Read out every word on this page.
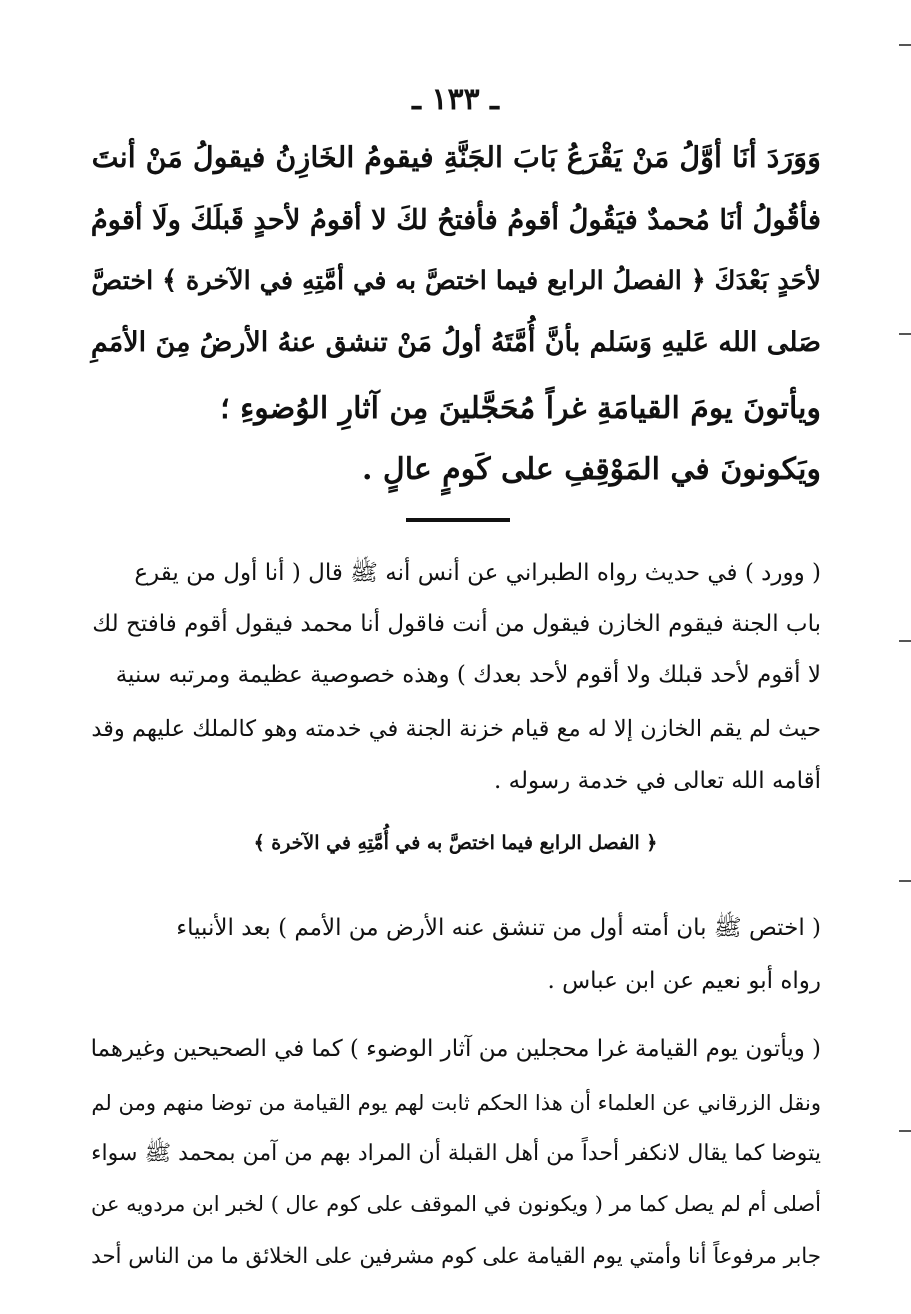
ـ ١٣٣ ـ
وَوَرَدَ أنَا أوَّلُ مَنْ يَقْرَعُ بَابَ الجَنَّةِ فيقومُ الخَازِنُ فيقولُ مَنْ أنتَ
فأقُولُ أنَا مُحمدٌ فيَقُولُ أقومُ فأفتحُ لكَ لا أقومُ لأحدٍ قَبلَكَ ولَا أقومُ
لأحَدٍ بَعْدَكَ ﴿ الفصلُ الرابع فيما اختصَّ به في أمَّتِهِ في الآخرة ﴾ اختصَّ
صَلى الله عَليهِ وَسَلم بأنَّ أُمَّتَهُ أولُ مَنْ تنشق عنهُ الأرضُ مِنَ الأمَمِ
ويأتونَ يومَ القيامَةِ غراً مُحَجَّلينَ مِن آثارِ الوُضوءِ ؛
ويَكونونَ في المَوْقِفِ على كَومٍ عالٍ .
( وورد ) في حديث رواه الطبراني عن أنس أنه ﷺ قال ( أنا أول من يقرع
باب الجنة فيقوم الخازن فيقول من أنت فاقول أنا محمد فيقول أقوم فافتح لك
لا أقوم لأحد قبلك ولا أقوم لأحد بعدك ) وهذه خصوصية عظيمة ومرتبه سنية
حيث لم يقم الخازن إلا له مع قيام خزنة الجنة في خدمته وهو كالملك عليهم وقد
أقامه الله تعالى في خدمة رسوله .
﴿ الفصل الرابع فيما اختصَّ به في أُمَّتِهِ في الآخرة ﴾
( اختص ﷺ بان أمته أول من تنشق عنه الأرض من الأمم ) بعد الأنبياء
رواه أبو نعيم عن ابن عباس .
( ويأتون يوم القيامة غرا محجلين من آثار الوضوء ) كما في الصحيحين وغيرهما
ونقل الزرقاني عن العلماء أن هذا الحكم ثابت لهم يوم القيامة من توضا منهم ومن لم
يتوضا كما يقال لانكفر أحداً من أهل القبلة أن المراد بهم من آمن بمحمد ﷺ سواء
أصلى أم لم يصل كما مر ( ويكونون في الموقف على كوم عال ) لخبر ابن مردويه عن
جابر مرفوعاً أنا وأمتي يوم القيامة على كوم مشرفين على الخلائق ما من الناس أحد
